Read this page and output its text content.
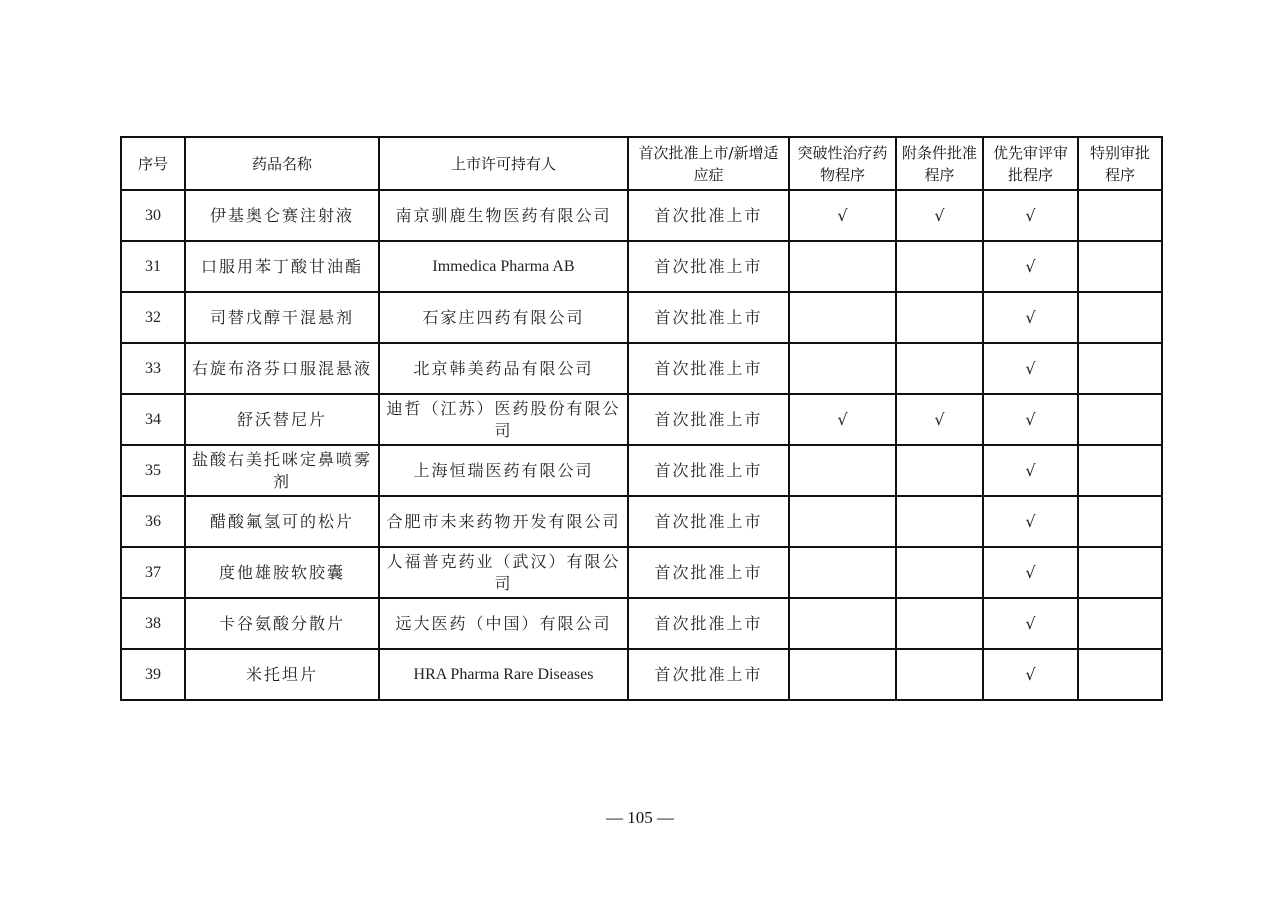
序号	药品名称	上市许可持有人	首次批准上市/新增适应症	突破性治疗药物程序	附条件批准程序	优先审评审批程序	特别审批程序
30	伊基奥仑赛注射液	南京驯鹿生物医药有限公司	首次批准上市	√	√	√	
31	口服用苯丁酸甘油酯	Immedica Pharma AB	首次批准上市			√	
32	司替戊醇干混悬剂	石家庄四药有限公司	首次批准上市			√	
33	右旋布洛芬口服混悬液	北京韩美药品有限公司	首次批准上市			√	
34	舒沃替尼片	迪哲（江苏）医药股份有限公司	首次批准上市	√	√	√	
35	盐酸右美托咪定鼻喷雾剂	上海恒瑞医药有限公司	首次批准上市			√	
36	醋酸氟氢可的松片	合肥市未来药物开发有限公司	首次批准上市			√	
37	度他雄胺软胶囊	人福普克药业（武汉）有限公司	首次批准上市			√	
38	卡谷氨酸分散片	远大医药（中国）有限公司	首次批准上市			√	
39	米托坦片	HRA Pharma Rare Diseases	首次批准上市			√	
— 105 —
